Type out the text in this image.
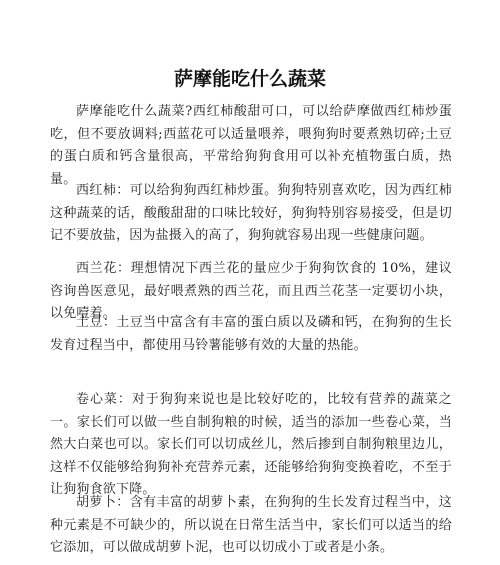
萨摩能吃什么蔬菜

萨摩能吃什么蔬菜?西红柿酸甜可口，可以给萨摩做西红柿炒蛋吃，但不要放调料;西蓝花可以适量喂养，喂狗狗时要煮熟切碎;土豆的蛋白质和钙含量很高，平常给狗狗食用可以补充植物蛋白质，热量。

西红柿：可以给狗狗西红柿炒蛋。狗狗特别喜欢吃，因为西红柿这种蔬菜的话，酸酸甜甜的口味比较好，狗狗特别容易接受，但是切记不要放盐，因为盐摄入的高了，狗狗就容易出现一些健康问题。

西兰花：理想情况下西兰花的量应少于狗狗饮食的 10%，建议咨询兽医意见，最好喂煮熟的西兰花，而且西兰花茎一定要切小块，以免噎着。

土豆：土豆当中富含有丰富的蛋白质以及磷和钙，在狗狗的生长发育过程当中，都使用马铃薯能够有效的大量的热能。

卷心菜：对于狗狗来说也是比较好吃的，比较有营养的蔬菜之一。家长们可以做一些自制狗粮的时候，适当的添加一些卷心菜，当然大白菜也可以。家长们可以切成丝儿，然后掺到自制狗粮里边儿，这样不仅能够给狗狗补充营养元素，还能够给狗狗变换着吃，不至于让狗狗食欲下降。

胡萝卜：含有丰富的胡萝卜素，在狗狗的生长发育过程当中，这种元素是不可缺少的，所以说在日常生活当中，家长们可以适当的给它添加，可以做成胡萝卜泥，也可以切成小丁或者是小条。
